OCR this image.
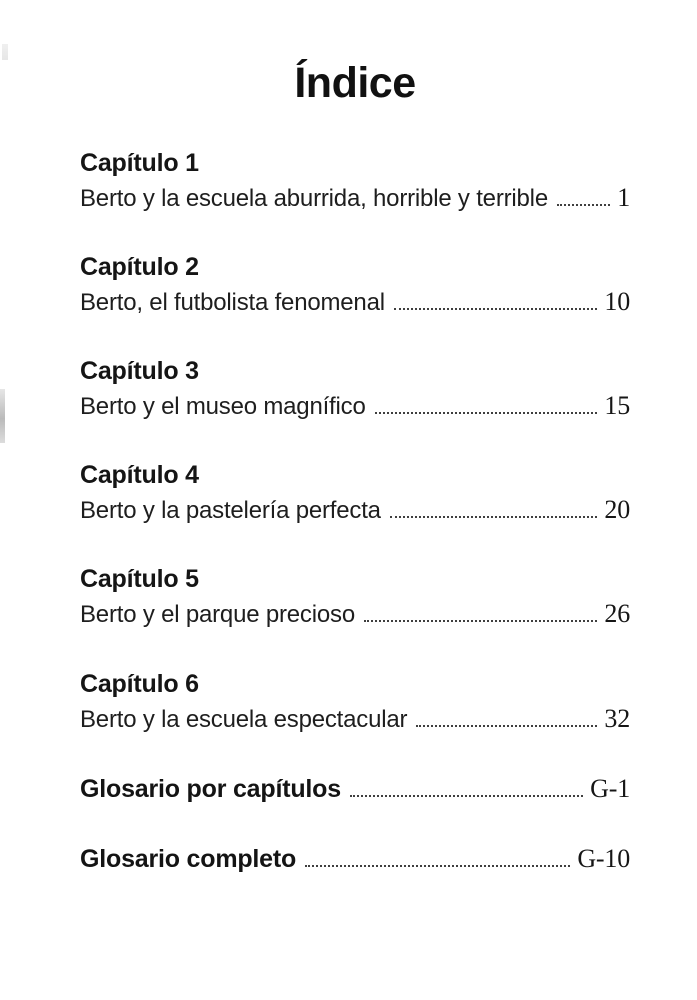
Índice
Capítulo 1
Berto y la escuela aburrida, horrible y terrible	1
Capítulo 2
Berto, el futbolista fenomenal	10
Capítulo 3
Berto y el museo magnífico	15
Capítulo 4
Berto y la pastelería perfecta	20
Capítulo 5
Berto y el parque precioso	26
Capítulo 6
Berto y la escuela espectacular	32
Glosario por capítulos	G-1
Glosario completo	G-10
